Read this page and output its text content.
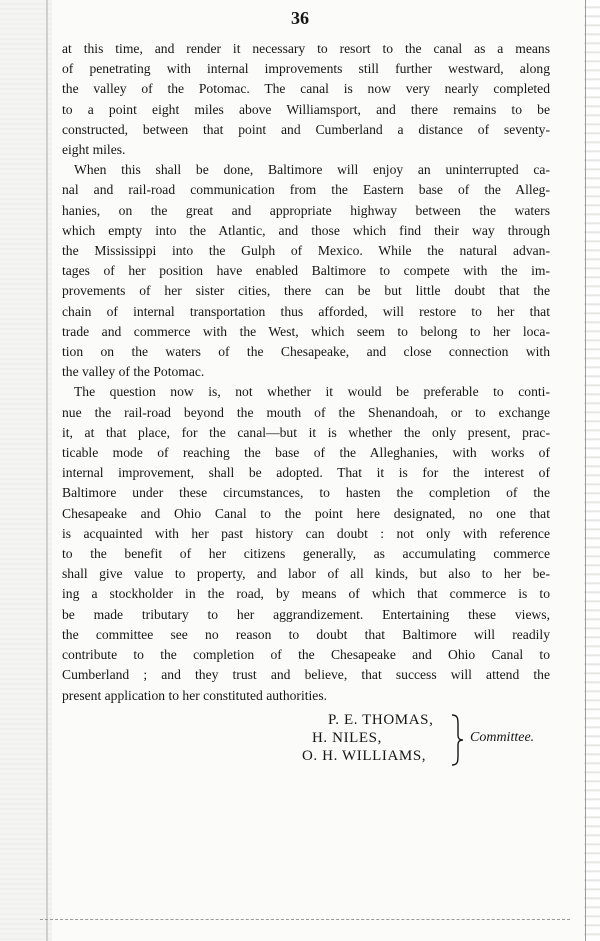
36

at this time, and render it necessary to resort to the canal as a means
of penetrating with internal improvements still further westward, along
the valley of the Potomac. The canal is now very nearly completed
to a point eight miles above Williamsport, and there remains to be
constructed, between that point and Cumberland a distance of seventy-
eight miles.

When this shall be done, Baltimore will enjoy an uninterrupted ca-
nal and rail-road communication from the Eastern base of the Alleg-
hanies, on the great and appropriate highway between the waters
which empty into the Atlantic, and those which find their way through
the Mississippi into the Gulph of Mexico. While the natural advan-
tages of her position have enabled Baltimore to compete with the im-
provements of her sister cities, there can be but little doubt that the
chain of internal transportation thus afforded, will restore to her that
trade and commerce with the West, which seem to belong to her loca-
tion on the waters of the Chesapeake, and close connection with
the valley of the Potomac.

The question now is, not whether it would be preferable to conti-
nue the rail-road beyond the mouth of the Shenandoah, or to exchange
it, at that place, for the canal—but it is whether the only present, prac-
ticable mode of reaching the base of the Alleghanies, with works of
internal improvement, shall be adopted. That it is for the interest of
Baltimore under these circumstances, to hasten the completion of the
Chesapeake and Ohio Canal to the point here designated, no one that
is acquainted with her past history can doubt : not only with reference
to the benefit of her citizens generally, as accumulating commerce
shall give value to property, and labor of all kinds, but also to her be-
ing a stockholder in the road, by means of which that commerce is to
be made tributary to her aggrandizement. Entertaining these views,
the committee see no reason to doubt that Baltimore will readily
contribute to the completion of the Chesapeake and Ohio Canal to
Cumberland ; and they trust and believe, that success will attend the
present application to her constituted authorities.

P. E. THOMAS,
H. NILES,
O. H. WILLIAMS,
Committee.
